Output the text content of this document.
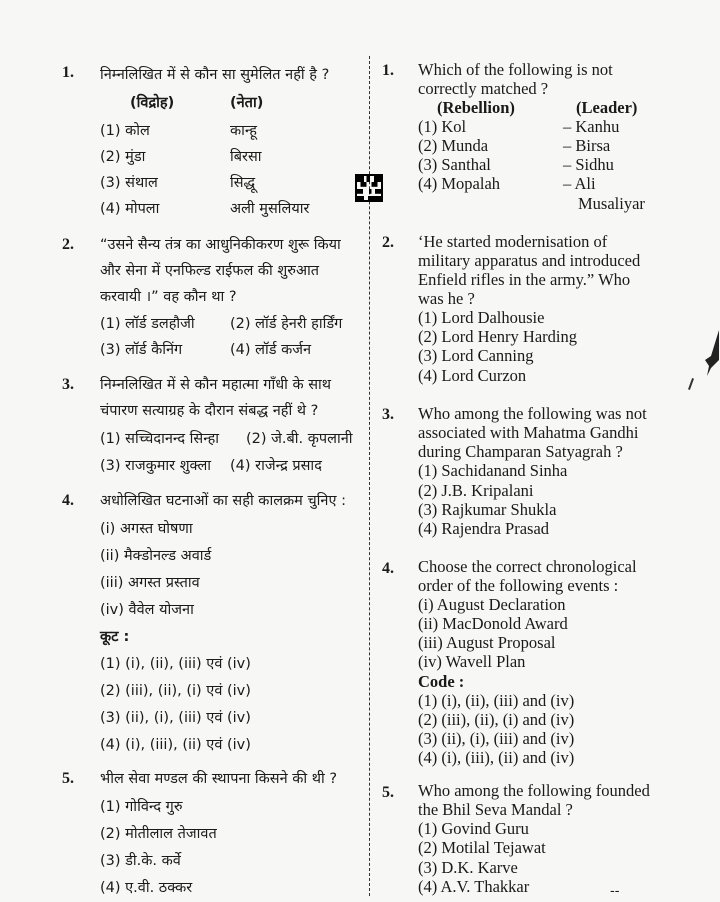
1. निम्नलिखित में से कौन सा सुमेलित नहीं है ?
(विद्रोह)	(नेता)
(1) कोल	कान्हू
(2) मुंडा	बिरसा
(3) संथाल	सिद्धू
(4) मोपला	अली मुसलियार
2. “उसने सैन्य तंत्र का आधुनिकीकरण शुरू किया
और सेना में एनफिल्ड राईफल की शुरुआत
करवायी ।” वह कौन था ?
(1) लॉर्ड डलहौजी (2) लॉर्ड हेनरी हार्डिंग
(3) लॉर्ड कैनिंग	(4) लॉर्ड कर्जन
3. निम्नलिखित में से कौन महात्मा गाँधी के साथ
चंपारण सत्याग्रह के दौरान संबद्ध नहीं थे ?
(1) सच्चिदानन्द सिन्हा (2) जे.बी. कृपलानी
(3) राजकुमार शुक्ला (4) राजेन्द्र प्रसाद
4. अधोलिखित घटनाओं का सही कालक्रम चुनिए :
(i) अगस्त घोषणा
(ii) मैक्डोनल्ड अवार्ड
(iii) अगस्त प्रस्ताव
(iv) वैवेल योजना
कूट :
(1) (i), (ii), (iii) एवं (iv)
(2) (iii), (ii), (i) एवं (iv)
(3) (ii), (i), (iii) एवं (iv)
(4) (i), (iii), (ii) एवं (iv)
5. भील सेवा मण्डल की स्थापना किसने की थी ?
(1) गोविन्द गुरु
(2) मोतीलाल तेजावत
(3) डी.के. कर्वे
(4) ए.वी. ठक्कर
1. Which of the following is not
correctly matched ?
(Rebellion)	(Leader)
(1) Kol	– Kanhu
(2) Munda	– Birsa
(3) Santhal	– Sidhu
(4) Mopalah	– Ali
Musaliyar
2. ‘He started modernisation of
military apparatus and introduced
Enfield rifles in the army.” Who
was he ?
(1) Lord Dalhousie
(2) Lord Henry Harding
(3) Lord Canning
(4) Lord Curzon
3. Who among the following was not
associated with Mahatma Gandhi
during Champaran Satyagrah ?
(1) Sachidanand Sinha
(2) J.B. Kripalani
(3) Rajkumar Shukla
(4) Rajendra Prasad
4. Choose the correct chronological
order of the following events :
(i) August Declaration
(ii) MacDonold Award
(iii) August Proposal
(iv) Wavell Plan
Code :
(1) (i), (ii), (iii) and (iv)
(2) (iii), (ii), (i) and (iv)
(3) (ii), (i), (iii) and (iv)
(4) (i), (iii), (ii) and (iv)
5. Who among the following founded
the Bhil Seva Mandal ?
(1) Govind Guru
(2) Motilal Tejawat
(3) D.K. Karve
(4) A.V. Thakkar	--
